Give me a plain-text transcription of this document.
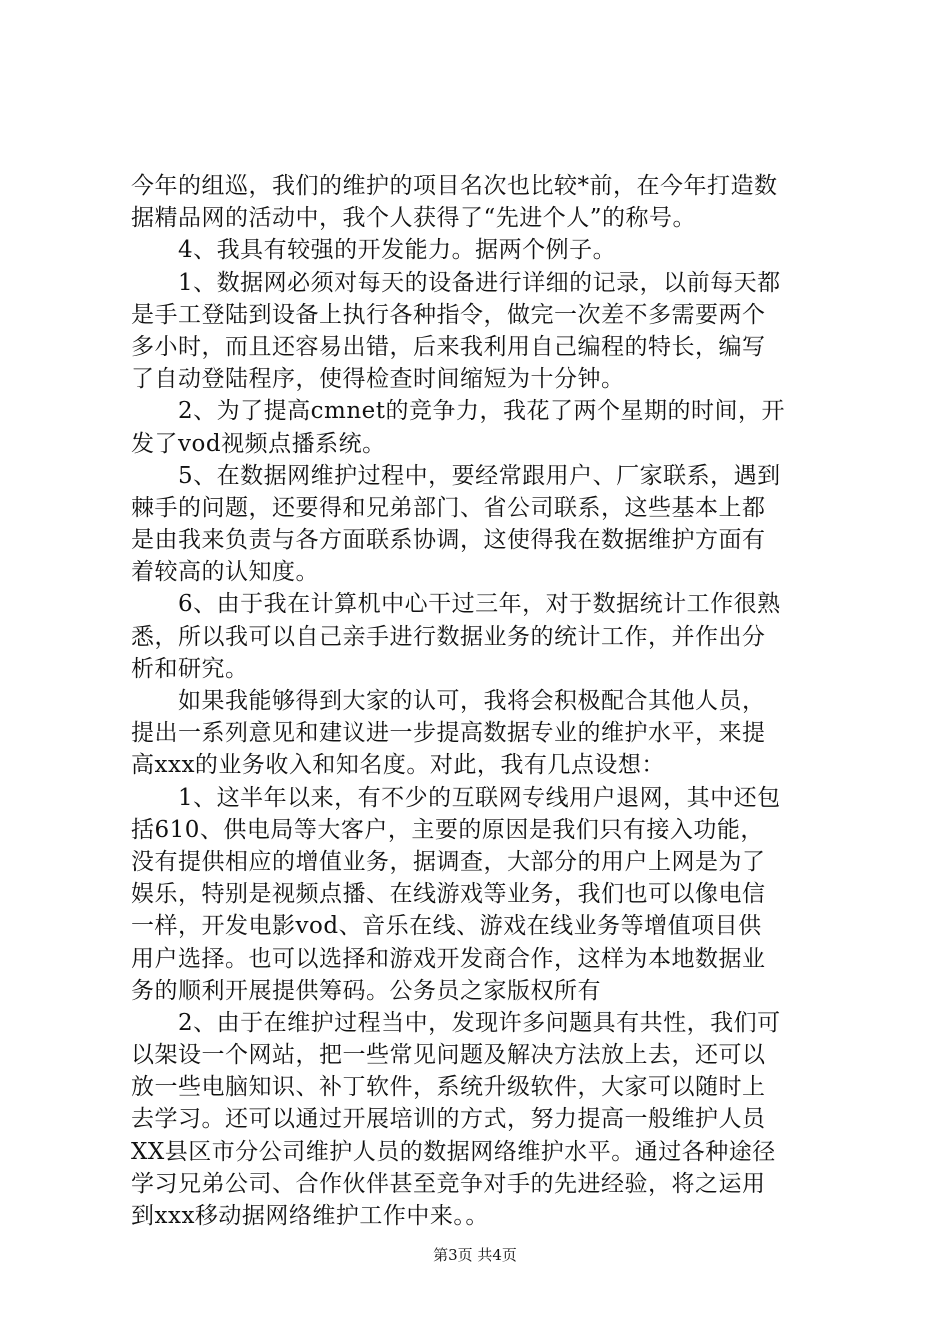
今年的组巡，我们的维护的项目名次也比较*前，在今年打造数
据精品网的活动中，我个人获得了“先进个人”的称号。
　　4、我具有较强的开发能力。据两个例子。
　　1、数据网必须对每天的设备进行详细的记录，以前每天都
是手工登陆到设备上执行各种指令，做完一次差不多需要两个
多小时，而且还容易出错，后来我利用自己编程的特长，编写
了自动登陆程序，使得检查时间缩短为十分钟。
　　2、为了提高cmnet的竞争力，我花了两个星期的时间，开
发了vod视频点播系统。
　　5、在数据网维护过程中，要经常跟用户、厂家联系，遇到
棘手的问题，还要得和兄弟部门、省公司联系，这些基本上都
是由我来负责与各方面联系协调，这使得我在数据维护方面有
着较高的认知度。
　　6、由于我在计算机中心干过三年，对于数据统计工作很熟
悉，所以我可以自己亲手进行数据业务的统计工作，并作出分
析和研究。
　　如果我能够得到大家的认可，我将会积极配合其他人员，
提出一系列意见和建议进一步提高数据专业的维护水平，来提
高xxx的业务收入和知名度。对此，我有几点设想：
　　1、这半年以来，有不少的互联网专线用户退网，其中还包
括610、供电局等大客户，主要的原因是我们只有接入功能，
没有提供相应的增值业务，据调查，大部分的用户上网是为了
娱乐，特别是视频点播、在线游戏等业务，我们也可以像电信
一样，开发电影vod、音乐在线、游戏在线业务等增值项目供
用户选择。也可以选择和游戏开发商合作，这样为本地数据业
务的顺利开展提供筹码。公务员之家版权所有
　　2、由于在维护过程当中，发现许多问题具有共性，我们可
以架设一个网站，把一些常见问题及解决方法放上去，还可以
放一些电脑知识、补丁软件，系统升级软件，大家可以随时上
去学习。还可以通过开展培训的方式，努力提高一般维护人员
XX县区市分公司维护人员的数据网络维护水平。通过各种途径
学习兄弟公司、合作伙伴甚至竞争对手的先进经验，将之运用
到xxx移动据网络维护工作中来。。
第3页 共4页
